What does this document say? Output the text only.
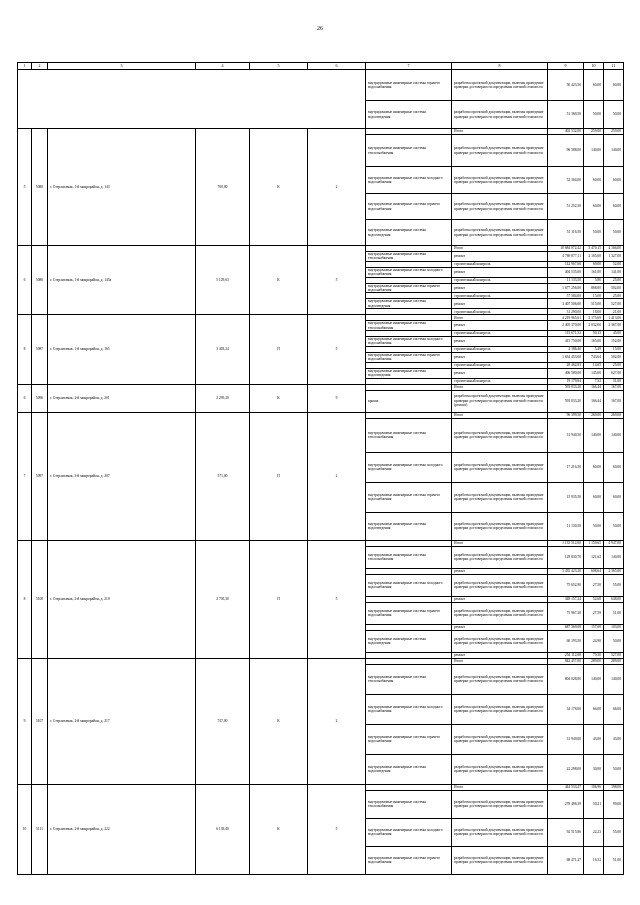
26
1	2	3	4	5	6	7	8	9	10	11
						внутридомовые инженерные системы горячего водоснабжения	разработка проектной документации, включая проведение проверки достоверности определения сметной стоимости	50 423,50	60,00	60,00
						внутридомовые инженерные системы водоотведения	разработка проектной документации, включая проведение проверки достоверности определения сметной стоимости	51 369,50	50,00	50,00
5	5080	г. Стерлитамак, 1-й микрорайон, д. 143	700,00	К	2		Итого	402 532,00	259,00	259,00
						внутридомовые инженерные системы теплоснабжения	разработка проектной документации, включая проведение проверки достоверности определения сметной стоимости	96 588,00	140,00	140,00
						внутридомовые инженерные системы холодного водоснабжения	разработка проектной документации, включая проведение проверки достоверности определения сметной стоимости	52 304,00	60,00	60,00
						внутридомовые инженерные системы горячего водоснабжения	разработка проектной документации, включая проведение проверки достоверности определения сметной стоимости	51 252,50	60,00	60,00
						внутридомовые инженерные системы водоотведения	разработка проектной документации, включая проведение проверки достоверности определения сметной стоимости	51 116,50	50,00	50,00
6	5086	г. Стерлитамак, 1-й микрорайон, д. 145а	5 129,63	К	5		Итого	10 684 072,42	5 470,15	4 166,00
						внутридомовые инженерные системы теплоснабжения	ремонт	4 769 877,11	2 165,00	1 327,00
							строительный контроль	142 967,60	69,00	52,00
						внутридомовые инженерные системы холодного водоснабжения	ремонт	404 535,00	161,00	141,00
							строительный контроль	11 133,50	5,86	25,00
						внутридомовые инженерные системы горячего водоснабжения	ремонт	1 677 256,00	868,00	502,00
							строительный контроль	57 584,00	15,00	25,00
						внутридомовые инженерные системы водоотведения	ремонт	3 407 506,00	515,00	527,00
							строительный контроль	31 290,00	18,00	21,00
8	5087	г. Стерлитамак, 1-й микрорайон, д. 165	3 403,24	П	5		Итого	4 219 965,61	3 175,69	1 413,00
						внутридомовые инженерные системы теплоснабжения	ремонт	2 405 370,00	2 032,00	2 367,00
							строительный контроль	115 671,52	50,13	45,00
						внутридомовые инженерные системы холодного водоснабжения	ремонт	415 750,00	165,00	152,00
							строительный контроль	2 186,40	5,49	15,00
						внутридомовые инженерные системы горячего водоснабжения	ремонт	1 634 453,00	743,64	502,00
							строительный контроль	20 462,83	14,65	25,00
						внутридомовые инженерные системы водоотведения	ремонт	406 580,00	145,00	627,00
							строительный контроль	19 179,84	7,52	31,00
6	5096	г. Стерлитамак, 2-й микрорайон, д. 201	2 295,20	К	9		Итого	593 033,20	166,44	167,00
						крыша	разработка проектной документации, включая проведение проверки достоверности определения сметной стоимости (ремонт)	593 033,20	166,44	167,00
7	5097	г. Стерлитамак, 3-й микрорайон, д. 207	571,00	П	2		Итого	96 399,50	269,00	269,00
						внутридомовые инженерные системы теплоснабжения	разработка проектной документации, включая проведение проверки достоверности определения сметной стоимости	31 940,50	140,00	140,00
						внутридомовые инженерные системы холодного водоснабжения	разработка проектной документации, включая проведение проверки достоверности определения сметной стоимости	17 216,50	60,00	60,00
						внутридомовые инженерные системы горячего водоснабжения	разработка проектной документации, включая проведение проверки достоверности определения сметной стоимости	15 935,50	60,00	60,00
						внутридомовые инженерные системы водоотведения	разработка проектной документации, включая проведение проверки достоверности определения сметной стоимости	11 130,50	50,00	50,00
8	5100	г. Стерлитамак, 2-й микрорайон, д. 210	2 705,30	П	5		Итого	1 133 512,00	1 159,65	4 947,00
						внутридомовые инженерные системы теплоснабжения	разработка проектной документации, включая проведение проверки достоверности определения сметной стоимости	129 830,70	121,62	140,00
							ремонт	3 435 423,20	608,64	2 365,00
						внутридомовые инженерные системы холодного водоснабжения	разработка проектной документации, включая проведение проверки достоверности определения сметной стоимости	75 652,90	27,50	55,00
							ремонт	348 157,24	52,68	648,00
						внутридомовые инженерные системы горячего водоснабжения	разработка проектной документации, включая проведение проверки достоверности определения сметной стоимости	75 967,20	27,59	51,00
							ремонт	687 369,08	157,00	103,00
						внутридомовые инженерные системы водоотведения	разработка проектной документации, включая проведение проверки достоверности определения сметной стоимости	60 193,50	24,90	50,00
							ремонт	254 112,08	79,30	527,00
9	5107	г. Стерлитамак, 2-й микрорайон, д. 217	747,00	К	2		Итого	842 457,00	289,00	289,00
						внутридомовые инженерные системы теплоснабжения	разработка проектной документации, включая проведение проверки достоверности определения сметной стоимости	804 028,00	140,00	140,00
						внутридомовые инженерные системы холодного водоснабжения	разработка проектной документации, включая проведение проверки достоверности определения сметной стоимости	34 178,00	66,00	66,00
						внутридомовые инженерные системы горячего водоснабжения	разработка проектной документации, включая проведение проверки достоверности определения сметной стоимости	31 949,00	43,00	43,00
						внутридомовые инженерные системы водоотведения	разработка проектной документации, включая проведение проверки достоверности определения сметной стоимости	22 298,00	30,00	50,00
10	5111	г. Стерлитамак, 2-й микрорайон, д. 222	6 139,40	К	5		Итого	444 533,47	106,96	198,00
						внутридомовые инженерные системы теплоснабжения	разработка проектной документации, включая проведение проверки достоверности определения сметной стоимости	278 496,39	50,21	99,00
						внутридомовые инженерные системы холодного водоснабжения	разработка проектной документации, включая проведение проверки достоверности определения сметной стоимости	92 515,86	22,23	55,00
						внутридомовые инженерные системы горячего водоснабжения	разработка проектной документации, включая проведение проверки достоверности определения сметной стоимости	68 471,27	16,52	51,00
